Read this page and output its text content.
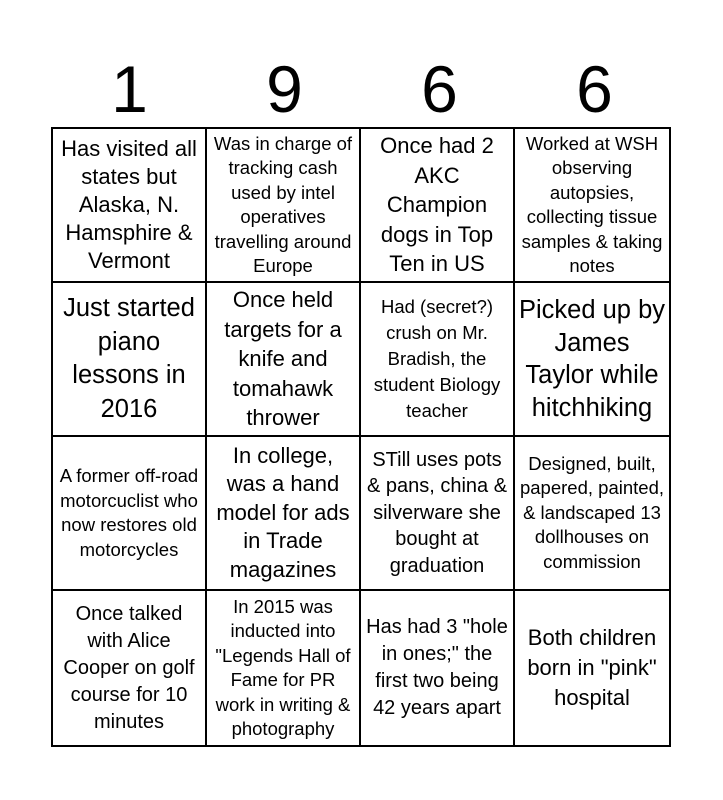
1	9	6	6
Has visited all states but Alaska, N. Hamsphire & Vermont
Was in charge of tracking cash used by intel operatives travelling around Europe
Once had 2 AKC Champion dogs in Top Ten in US
Worked at WSH observing autopsies, collecting tissue samples & taking notes
Just started piano lessons in 2016
Once held targets for a knife and tomahawk thrower
Had (secret?) crush on Mr. Bradish, the student Biology teacher
Picked up by James Taylor while hitchhiking
A former off-road motorcuclist who now restores old motorcycles
In college, was a hand model for ads in Trade magazines
STill uses pots & pans, china & silverware she bought at graduation
Designed, built, papered, painted, & landscaped 13 dollhouses on commission
Once talked with Alice Cooper on golf course for 10 minutes
In 2015 was inducted into "Legends Hall of Fame for PR work in writing & photography
Has had 3 "hole in ones;" the first two being 42 years apart
Both children born in "pink" hospital
